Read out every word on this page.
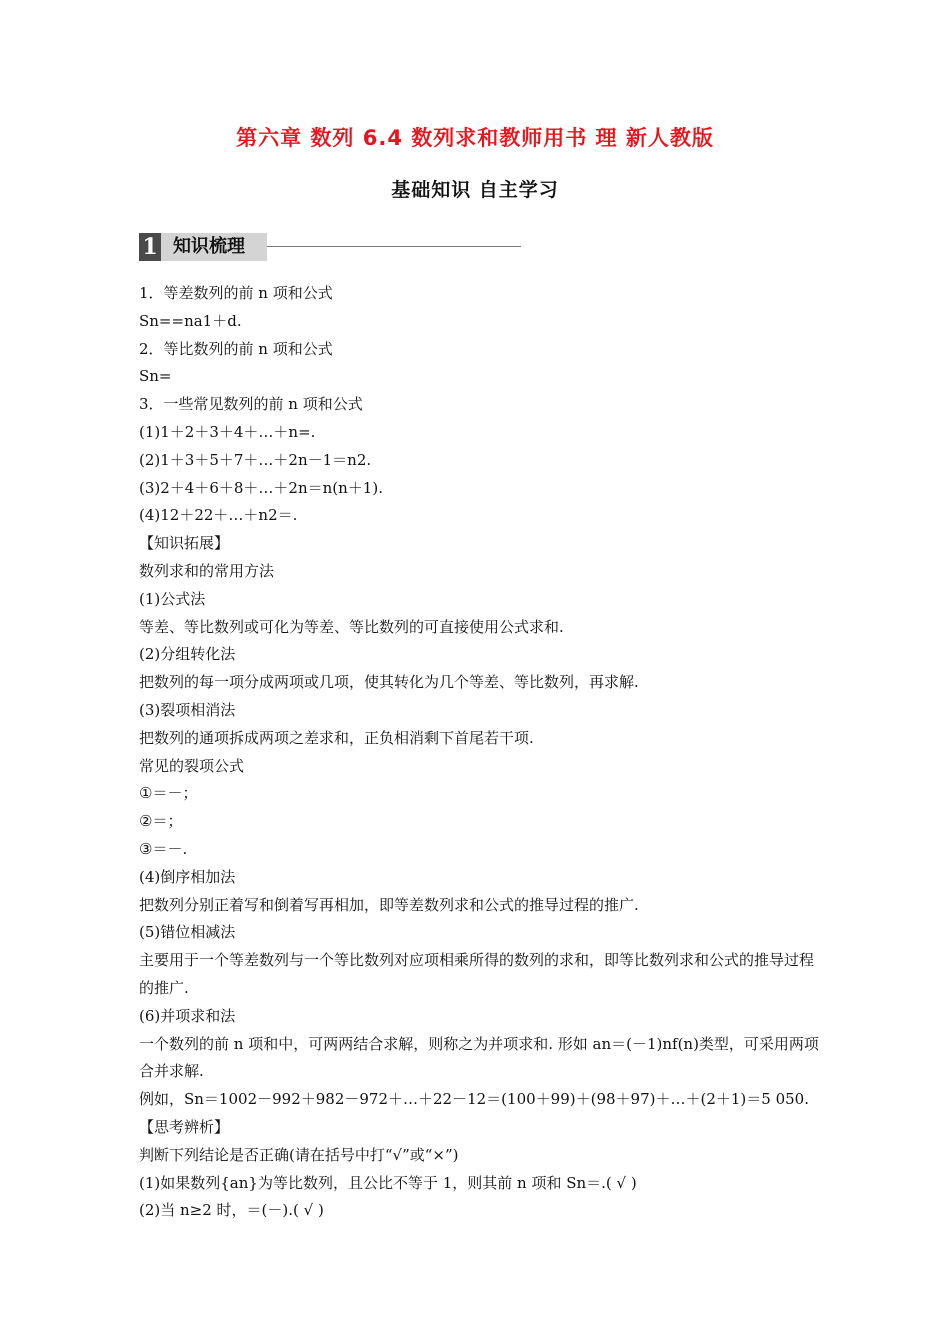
第六章 数列 6.4 数列求和教师用书 理 新人教版
基础知识 自主学习
1 知识梳理
1．等差数列的前 n 项和公式
Sn==na1＋d.
2．等比数列的前 n 项和公式
Sn=
3．一些常见数列的前 n 项和公式
(1)1＋2＋3＋4＋…＋n=.
(2)1＋3＋5＋7＋…＋2n－1＝n2.
(3)2＋4＋6＋8＋…＋2n＝n(n＋1).
(4)12＋22＋…＋n2＝.
【知识拓展】
数列求和的常用方法
(1)公式法
等差、等比数列或可化为等差、等比数列的可直接使用公式求和.
(2)分组转化法
把数列的每一项分成两项或几项，使其转化为几个等差、等比数列，再求解.
(3)裂项相消法
把数列的通项拆成两项之差求和，正负相消剩下首尾若干项.
常见的裂项公式
①＝－；
②＝；
③＝－.
(4)倒序相加法
把数列分别正着写和倒着写再相加，即等差数列求和公式的推导过程的推广.
(5)错位相减法
主要用于一个等差数列与一个等比数列对应项相乘所得的数列的求和，即等比数列求和公式的推导过程的推广.
(6)并项求和法
一个数列的前 n 项和中，可两两结合求解，则称之为并项求和. 形如 an＝(－1)nf(n)类型，可采用两项合并求解.
例如，Sn＝1002－992＋982－972＋…＋22－12＝(100＋99)＋(98＋97)＋…＋(2＋1)＝5 050.
【思考辨析】
判断下列结论是否正确(请在括号中打“√”或“×”)
(1)如果数列{an}为等比数列，且公比不等于 1，则其前 n 项和 Sn＝.( √ )
(2)当 n≥2 时，＝(－).( √ )
